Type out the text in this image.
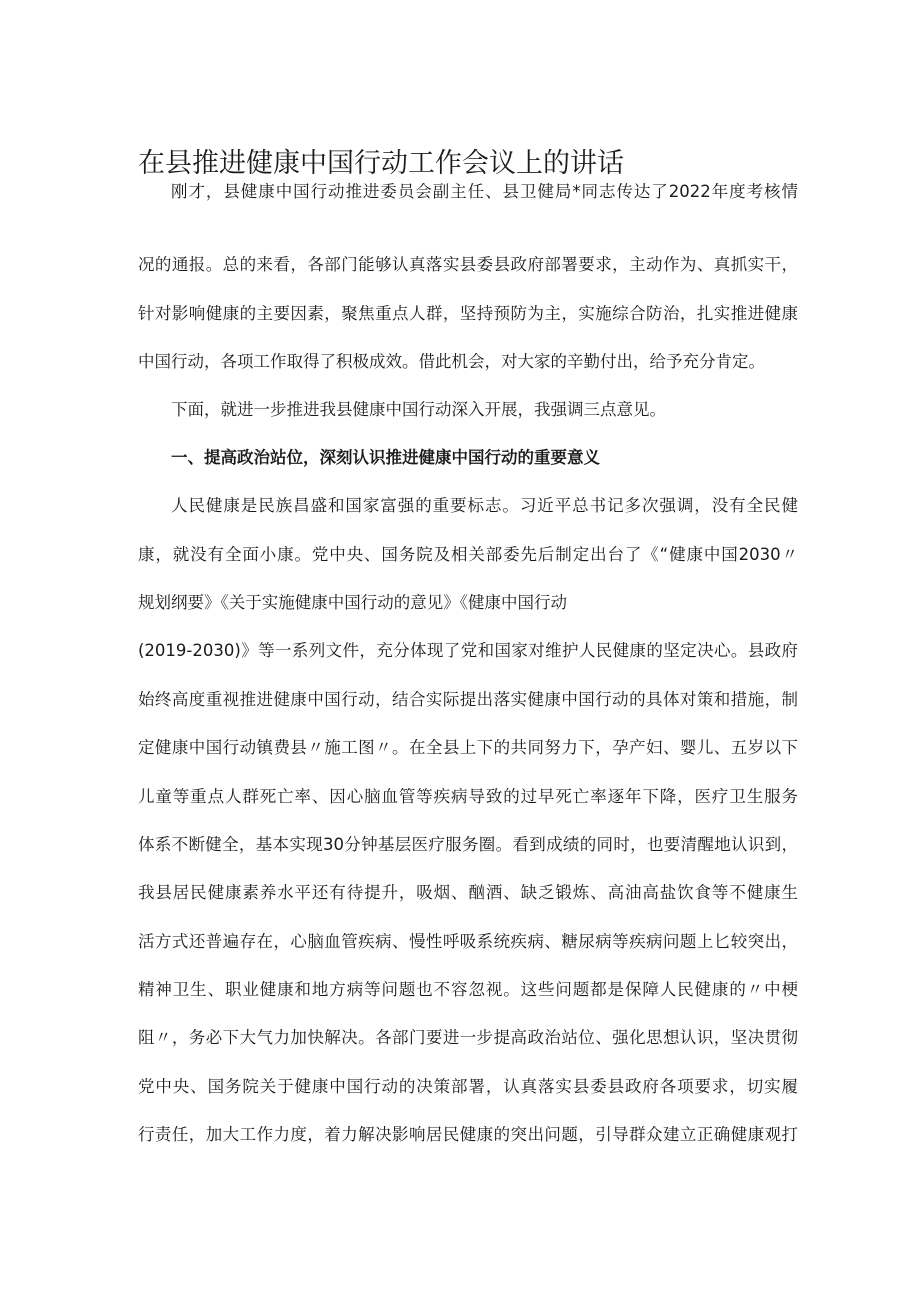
在县推进健康中国行动工作会议上的讲话

刚才，县健康中国行动推进委员会副主任、县卫健局*同志传达了2022年度考核情

况的通报。总的来看，各部门能够认真落实县委县政府部署要求，主动作为、真抓实干，

针对影响健康的主要因素，聚焦重点人群，坚持预防为主，实施综合防治，扎实推进健康

中国行动，各项工作取得了积极成效。借此机会，对大家的辛勤付出，给予充分肯定。

下面，就进一步推进我县健康中国行动深入开展，我强调三点意见。

一、提高政治站位，深刻认识推进健康中国行动的重要意义

人民健康是民族昌盛和国家富强的重要标志。习近平总书记多次强调，没有全民健

康，就没有全面小康。党中央、国务院及相关部委先后制定出台了《“健康中国2030〃

规划纲要》《关于实施健康中国行动的意见》《健康中国行动

(2019-2030)》等一系列文件，充分体现了党和国家对维护人民健康的坚定决心。县政府

始终高度重视推进健康中国行动，结合实际提出落实健康中国行动的具体对策和措施，制

定健康中国行动镇费县〃施工图〃。在全县上下的共同努力下，孕产妇、婴儿、五岁以下

儿童等重点人群死亡率、因心脑血管等疾病导致的过早死亡率逐年下降，医疗卫生服务

体系不断健全，基本实现30分钟基层医疗服务圈。看到成绩的同时，也要清醒地认识到，

我县居民健康素养水平还有待提升，吸烟、酗酒、缺乏锻炼、高油高盐饮食等不健康生

活方式还普遍存在，心脑血管疾病、慢性呼吸系统疾病、糖尿病等疾病问题上匕较突出，

精神卫生、职业健康和地方病等问题也不容忽视。这些问题都是保障人民健康的〃中梗

阻〃，务必下大气力加快解决。各部门要进一步提高政治站位、强化思想认识，坚决贯彻

党中央、国务院关于健康中国行动的决策部署，认真落实县委县政府各项要求，切实履

行责任，加大工作力度，着力解决影响居民健康的突出问题，引导群众建立正确健康观打
